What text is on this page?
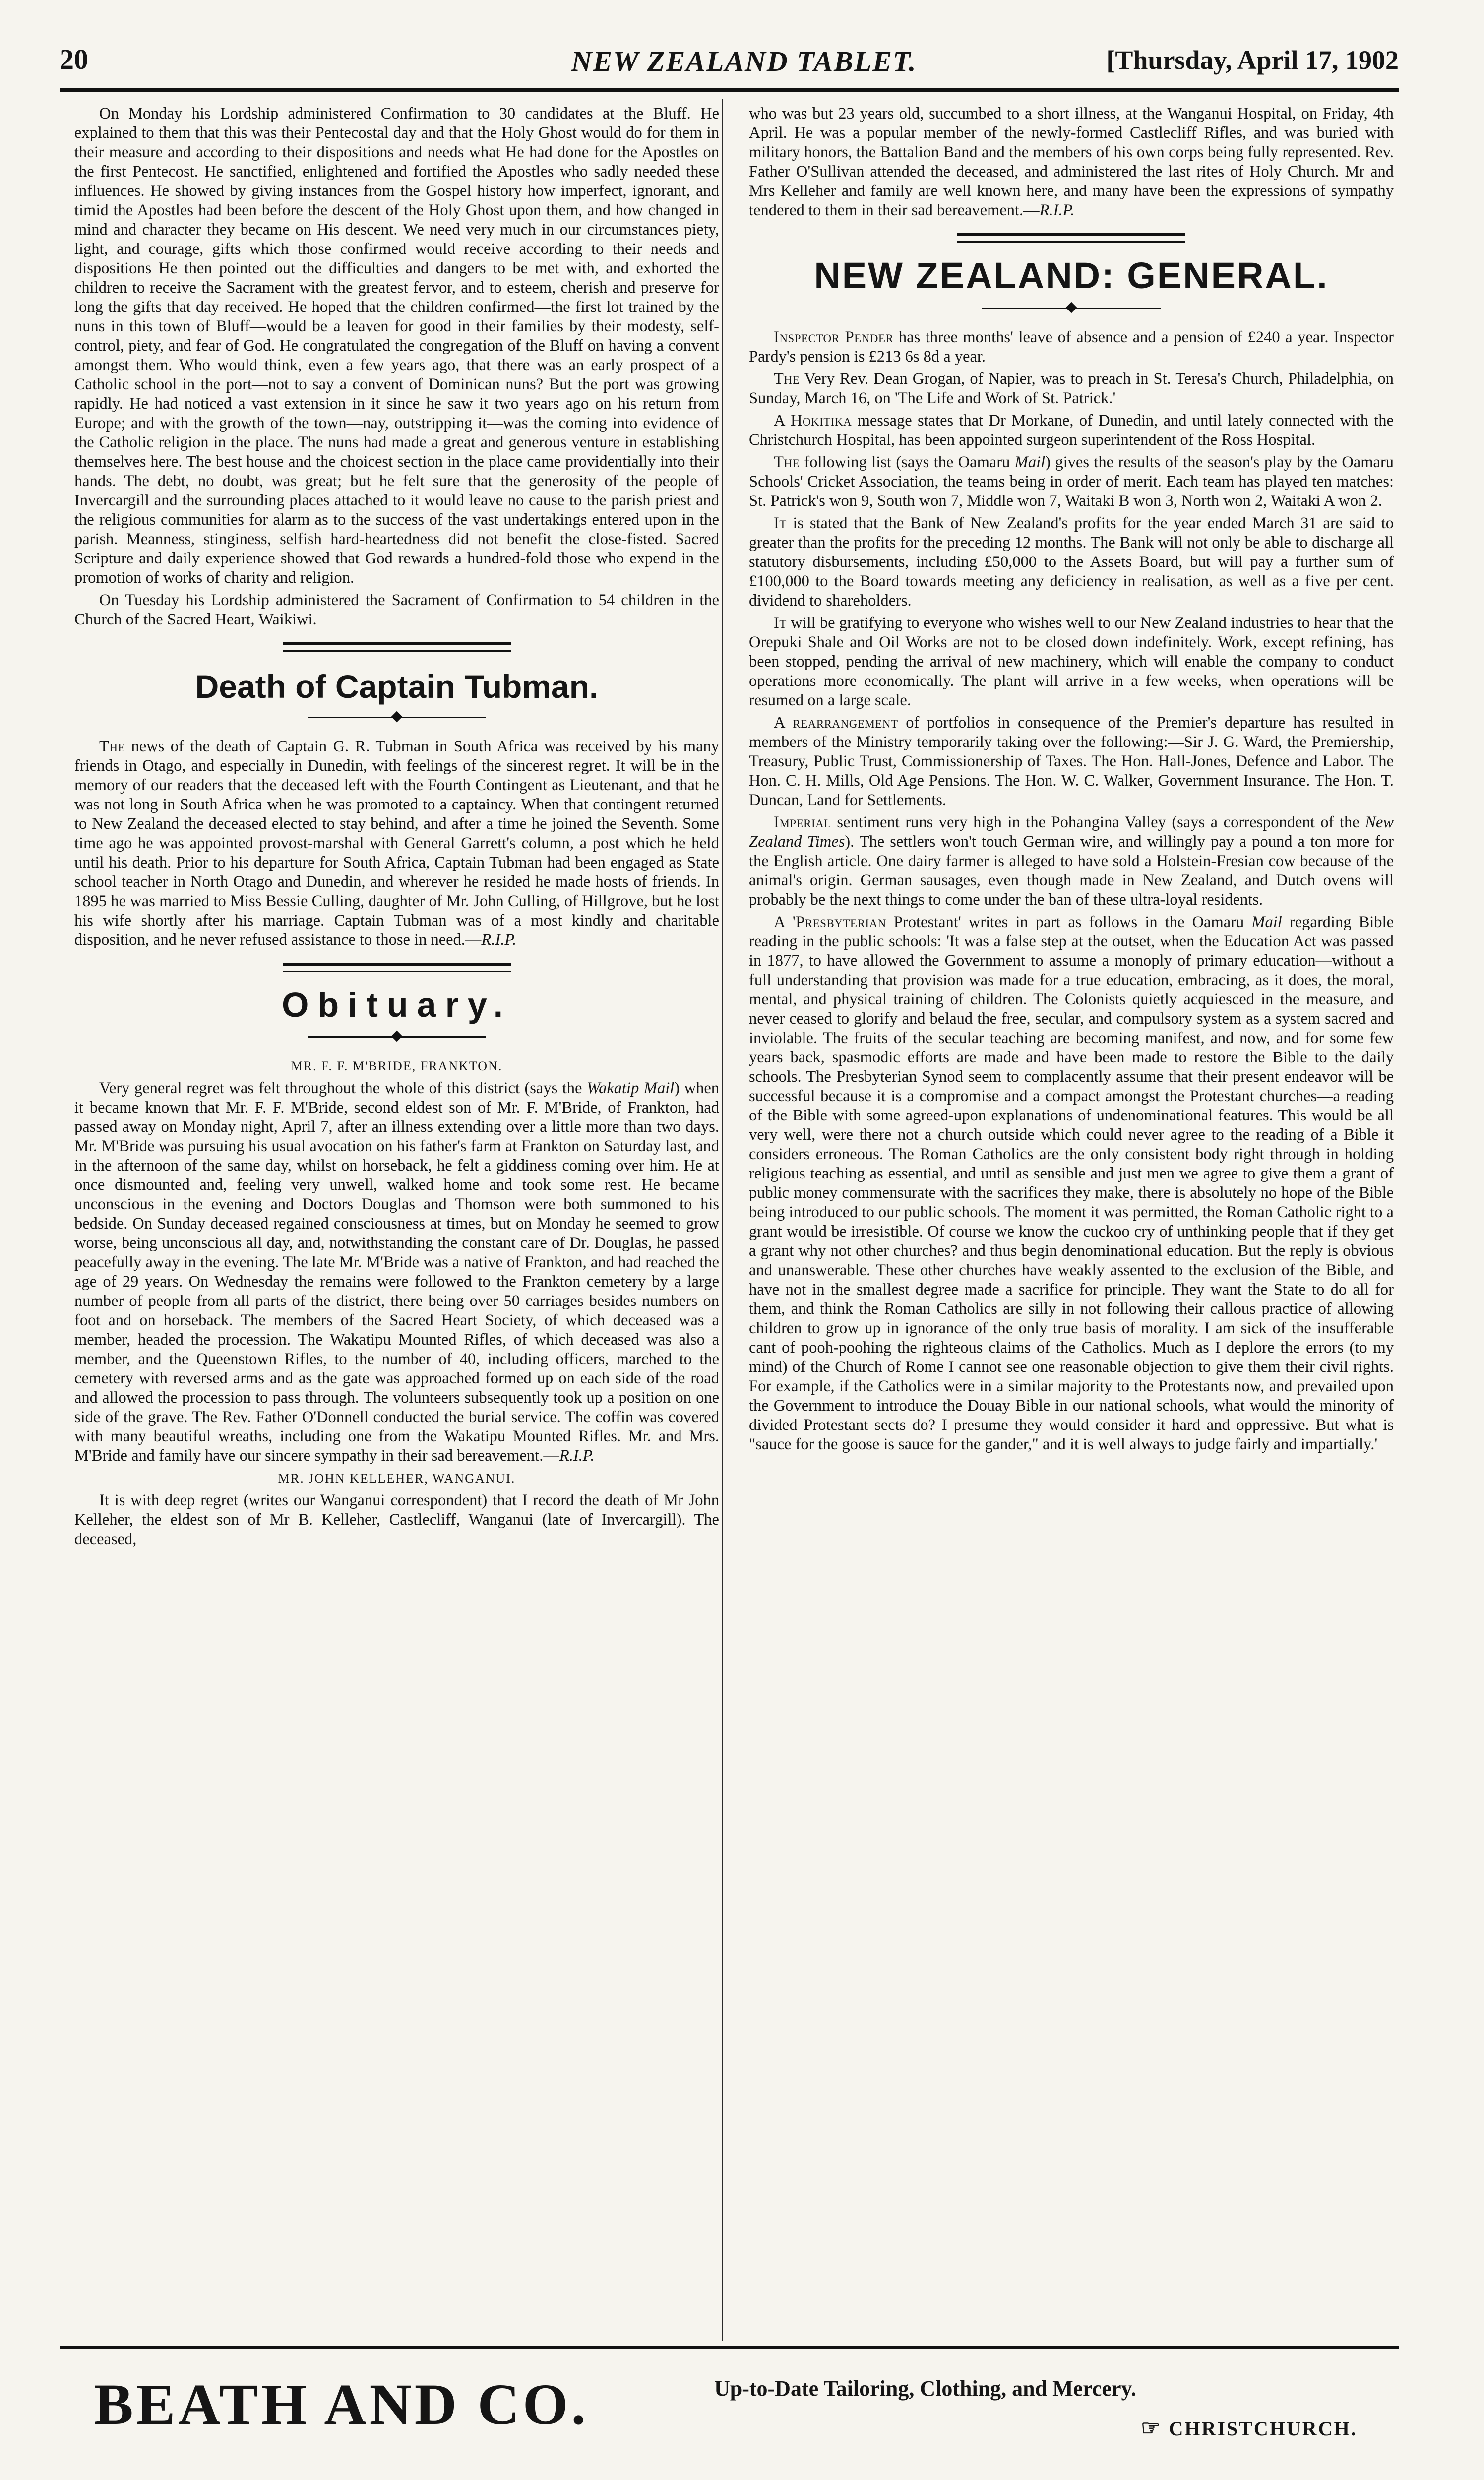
20	NEW ZEALAND TABLET.	[Thursday, April 17, 1902

On Monday his Lordship administered Confirmation to 30 candidates at the Bluff. He explained to them that this was their Pentecostal day and that the Holy Ghost would do for them in their measure and according to their dispositions and needs what He had done for the Apostles on the first Pentecost. He sanctified, enlightened and fortified the Apostles who sadly needed these influences. He showed by giving instances from the Gospel history how imperfect, ignorant, and timid the Apostles had been before the descent of the Holy Ghost upon them, and how changed in mind and character they became on His descent. We need very much in our circumstances piety, light, and courage, gifts which those confirmed would receive according to their needs and dispositions He then pointed out the difficulties and dangers to be met with, and exhorted the children to receive the Sacrament with the greatest fervor, and to esteem, cherish and preserve for long the gifts that day received. He hoped that the children confirmed—the first lot trained by the nuns in this town of Bluff—would be a leaven for good in their families by their modesty, self-control, piety, and fear of God. He congratulated the congregation of the Bluff on having a convent amongst them. Who would think, even a few years ago, that there was an early prospect of a Catholic school in the port—not to say a convent of Dominican nuns? But the port was growing rapidly. He had noticed a vast extension in it since he saw it two years ago on his return from Europe; and with the growth of the town—nay, outstripping it—was the coming into evidence of the Catholic religion in the place. The nuns had made a great and generous venture in establishing themselves here. The best house and the choicest section in the place came providentially into their hands. The debt, no doubt, was great; but he felt sure that the generosity of the people of Invercargill and the surrounding places attached to it would leave no cause to the parish priest and the religious communities for alarm as to the success of the vast undertakings entered upon in the parish. Meanness, stinginess, selfish hard-heartedness did not benefit the close-fisted. Sacred Scripture and daily experience showed that God rewards a hundred-fold those who expend in the promotion of works of charity and religion.

On Tuesday his Lordship administered the Sacrament of Confirmation to 54 children in the Church of the Sacred Heart, Waikiwi.

Death of Captain Tubman.

The news of the death of Captain G. R. Tubman in South Africa was received by his many friends in Otago, and especially in Dunedin, with feelings of the sincerest regret. It will be in the memory of our readers that the deceased left with the Fourth Contingent as Lieutenant, and that he was not long in South Africa when he was promoted to a captaincy. When that contingent returned to New Zealand the deceased elected to stay behind, and after a time he joined the Seventh. Some time ago he was appointed provost-marshal with General Garrett's column, a post which he held until his death. Prior to his departure for South Africa, Captain Tubman had been engaged as State school teacher in North Otago and Dunedin, and wherever he resided he made hosts of friends. In 1895 he was married to Miss Bessie Culling, daughter of Mr. John Culling, of Hillgrove, but he lost his wife shortly after his marriage. Captain Tubman was of a most kindly and charitable disposition, and he never refused assistance to those in need.—R.I.P.

Obituary.

MR. F. F. M'BRIDE, FRANKTON.

Very general regret was felt throughout the whole of this district (says the Wakatip Mail) when it became known that Mr. F. F. M'Bride, second eldest son of Mr. F. M'Bride, of Frankton, had passed away on Monday night, April 7, after an illness extending over a little more than two days. Mr. M'Bride was pursuing his usual avocation on his father's farm at Frankton on Saturday last, and in the afternoon of the same day, whilst on horseback, he felt a giddiness coming over him. He at once dismounted and, feeling very unwell, walked home and took some rest. He became unconscious in the evening and Doctors Douglas and Thomson were both summoned to his bedside. On Sunday deceased regained consciousness at times, but on Monday he seemed to grow worse, being unconscious all day, and, notwithstanding the constant care of Dr. Douglas, he passed peacefully away in the evening. The late Mr. M'Bride was a native of Frankton, and had reached the age of 29 years. On Wednesday the remains were followed to the Frankton cemetery by a large number of people from all parts of the district, there being over 50 carriages besides numbers on foot and on horseback. The members of the Sacred Heart Society, of which deceased was a member, headed the procession. The Wakatipu Mounted Rifles, of which deceased was also a member, and the Queenstown Rifles, to the number of 40, including officers, marched to the cemetery with reversed arms and as the gate was approached formed up on each side of the road and allowed the procession to pass through. The volunteers subsequently took up a position on one side of the grave. The Rev. Father O'Donnell conducted the burial service. The coffin was covered with many beautiful wreaths, including one from the Wakatipu Mounted Rifles. Mr. and Mrs. M'Bride and family have our sincere sympathy in their sad bereavement.—R.I.P.

MR. JOHN KELLEHER, WANGANUI.

It is with deep regret (writes our Wanganui correspondent) that I record the death of Mr John Kelleher, the eldest son of Mr B. Kelleher, Castlecliff, Wanganui (late of Invercargill). The deceased,

who was but 23 years old, succumbed to a short illness, at the Wanganui Hospital, on Friday, 4th April. He was a popular member of the newly-formed Castlecliff Rifles, and was buried with military honors, the Battalion Band and the members of his own corps being fully represented. Rev. Father O'Sullivan attended the deceased, and administered the last rites of Holy Church. Mr and Mrs Kelleher and family are well known here, and many have been the expressions of sympathy tendered to them in their sad bereavement.—R.I.P.

NEW ZEALAND: GENERAL.

Inspector Pender has three months' leave of absence and a pension of £240 a year. Inspector Pardy's pension is £213 6s 8d a year.

The Very Rev. Dean Grogan, of Napier, was to preach in St. Teresa's Church, Philadelphia, on Sunday, March 16, on 'The Life and Work of St. Patrick.'

A Hokitika message states that Dr Morkane, of Dunedin, and until lately connected with the Christchurch Hospital, has been appointed surgeon superintendent of the Ross Hospital.

The following list (says the Oamaru Mail) gives the results of the season's play by the Oamaru Schools' Cricket Association, the teams being in order of merit. Each team has played ten matches: St. Patrick's won 9, South won 7, Middle won 7, Waitaki B won 3, North won 2, Waitaki A won 2.

It is stated that the Bank of New Zealand's profits for the year ended March 31 are said to greater than the profits for the preceding 12 months. The Bank will not only be able to discharge all statutory disbursements, including £50,000 to the Assets Board, but will pay a further sum of £100,000 to the Board towards meeting any deficiency in realisation, as well as a five per cent. dividend to shareholders.

It will be gratifying to everyone who wishes well to our New Zealand industries to hear that the Orepuki Shale and Oil Works are not to be closed down indefinitely. Work, except refining, has been stopped, pending the arrival of new machinery, which will enable the company to conduct operations more economically. The plant will arrive in a few weeks, when operations will be resumed on a large scale.

A rearrangement of portfolios in consequence of the Premier's departure has resulted in members of the Ministry temporarily taking over the following:—Sir J. G. Ward, the Premiership, Treasury, Public Trust, Commissionership of Taxes. The Hon. Hall-Jones, Defence and Labor. The Hon. C. H. Mills, Old Age Pensions. The Hon. W. C. Walker, Government Insurance. The Hon. T. Duncan, Land for Settlements.

Imperial sentiment runs very high in the Pohangina Valley (says a correspondent of the New Zealand Times). The settlers won't touch German wire, and willingly pay a pound a ton more for the English article. One dairy farmer is alleged to have sold a Holstein-Fresian cow because of the animal's origin. German sausages, even though made in New Zealand, and Dutch ovens will probably be the next things to come under the ban of these ultra-loyal residents.

A 'Presbyterian Protestant' writes in part as follows in the Oamaru Mail regarding Bible reading in the public schools: 'It was a false step at the outset, when the Education Act was passed in 1877, to have allowed the Government to assume a monoply of primary education—without a full understanding that provision was made for a true education, embracing, as it does, the moral, mental, and physical training of children. The Colonists quietly acquiesced in the measure, and never ceased to glorify and belaud the free, secular, and compulsory system as a system sacred and inviolable. The fruits of the secular teaching are becoming manifest, and now, and for some few years back, spasmodic efforts are made and have been made to restore the Bible to the daily schools. The Presbyterian Synod seem to complacently assume that their present endeavor will be successful because it is a compromise and a compact amongst the Protestant churches—a reading of the Bible with some agreed-upon explanations of undenominational features. This would be all very well, were there not a church outside which could never agree to the reading of a Bible it considers erroneous. The Roman Catholics are the only consistent body right through in holding religious teaching as essential, and until as sensible and just men we agree to give them a grant of public money commensurate with the sacrifices they make, there is absolutely no hope of the Bible being introduced to our public schools. The moment it was permitted, the Roman Catholic right to a grant would be irresistible. Of course we know the cuckoo cry of unthinking people that if they get a grant why not other churches? and thus begin denominational education. But the reply is obvious and unanswerable. These other churches have weakly assented to the exclusion of the Bible, and have not in the smallest degree made a sacrifice for principle. They want the State to do all for them, and think the Roman Catholics are silly in not following their callous practice of allowing children to grow up in ignorance of the only true basis of morality. I am sick of the insufferable cant of pooh-poohing the righteous claims of the Catholics. Much as I deplore the errors (to my mind) of the Church of Rome I cannot see one reasonable objection to give them their civil rights. For example, if the Catholics were in a similar majority to the Protestants now, and prevailed upon the Government to introduce the Douay Bible in our national schools, what would the minority of divided Protestant sects do? I presume they would consider it hard and oppressive. But what is "sauce for the goose is sauce for the gander," and it is well always to judge fairly and impartially.'

BEATH AND CO.	Up-to-Date Tailoring, Clothing, and Mercery.
☞ CHRISTCHURCH.
